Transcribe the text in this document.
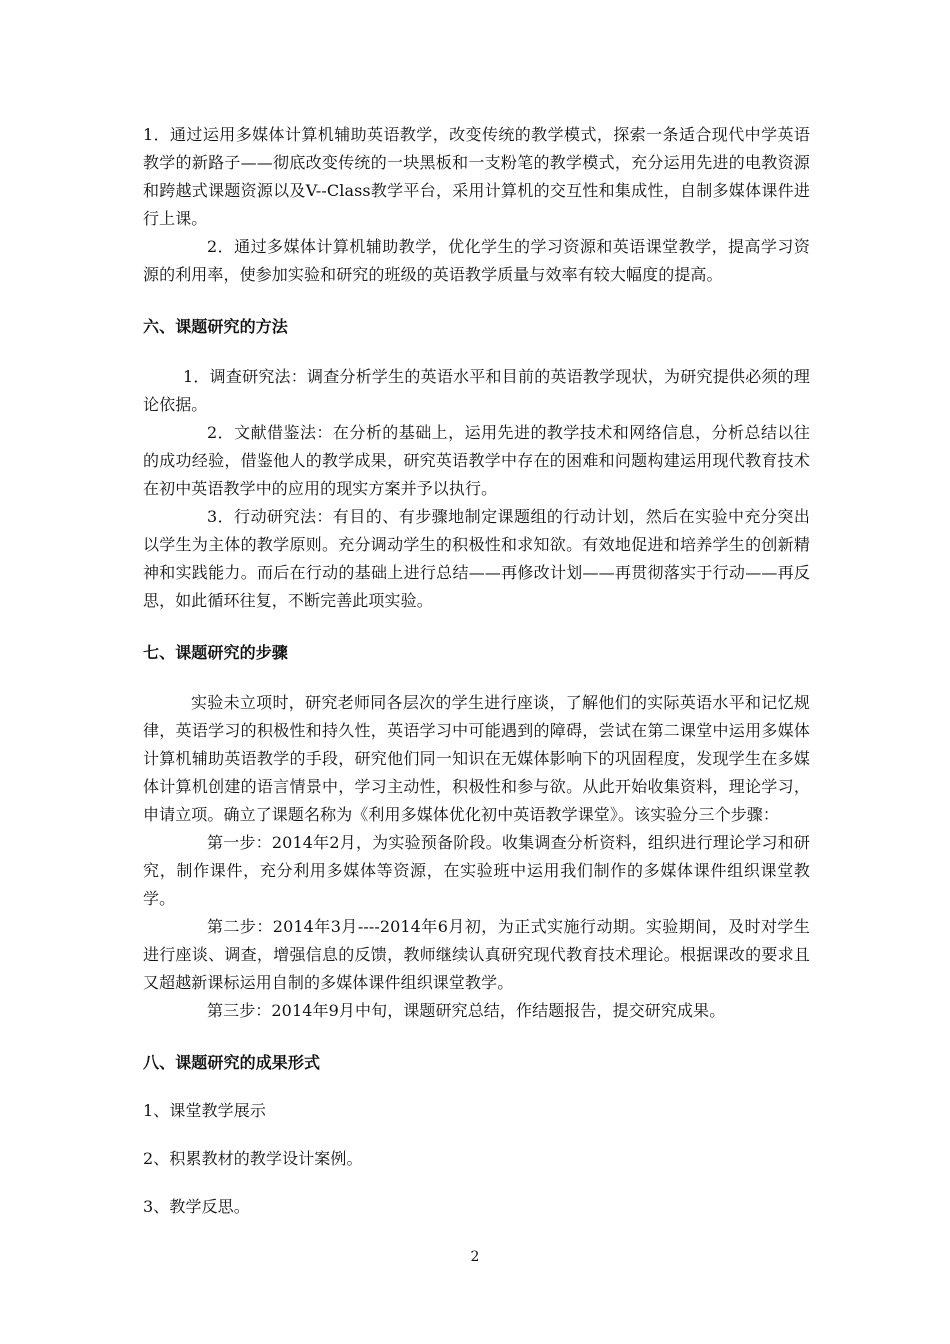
1．通过运用多媒体计算机辅助英语教学，改变传统的教学模式，探索一条适合现代中学英语教学的新路子——彻底改变传统的一块黑板和一支粉笔的教学模式，充分运用先进的电教资源和跨越式课题资源以及V--Class教学平台，采用计算机的交互性和集成性，自制多媒体课件进行上课。

2．通过多媒体计算机辅助教学，优化学生的学习资源和英语课堂教学，提高学习资源的利用率，使参加实验和研究的班级的英语教学质量与效率有较大幅度的提高。

六、课题研究的方法

1．调查研究法：调查分析学生的英语水平和目前的英语教学现状，为研究提供必须的理论依据。

2．文献借鉴法：在分析的基础上，运用先进的教学技术和网络信息，分析总结以往的成功经验，借鉴他人的教学成果，研究英语教学中存在的困难和问题构建运用现代教育技术在初中英语教学中的应用的现实方案并予以执行。

3．行动研究法：有目的、有步骤地制定课题组的行动计划，然后在实验中充分突出以学生为主体的教学原则。充分调动学生的积极性和求知欲。有效地促进和培养学生的创新精神和实践能力。而后在行动的基础上进行总结——再修改计划——再贯彻落实于行动——再反思，如此循环往复，不断完善此项实验。

七、课题研究的步骤

实验未立项时，研究老师同各层次的学生进行座谈，了解他们的实际英语水平和记忆规律，英语学习的积极性和持久性，英语学习中可能遇到的障碍，尝试在第二课堂中运用多媒体计算机辅助英语教学的手段，研究他们同一知识在无媒体影响下的巩固程度，发现学生在多媒体计算机创建的语言情景中，学习主动性，积极性和参与欲。从此开始收集资料，理论学习，申请立项。确立了课题名称为《利用多媒体优化初中英语教学课堂》。该实验分三个步骤：

第一步：2014年2月，为实验预备阶段。收集调查分析资料，组织进行理论学习和研究，制作课件，充分利用多媒体等资源，在实验班中运用我们制作的多媒体课件组织课堂教学。

第二步：2014年3月----2014年6月初，为正式实施行动期。实验期间，及时对学生进行座谈、调查，增强信息的反馈，教师继续认真研究现代教育技术理论。根据课改的要求且又超越新课标运用自制的多媒体课件组织课堂教学。

第三步：2014年9月中旬，课题研究总结，作结题报告，提交研究成果。

八、课题研究的成果形式

1、课堂教学展示

2、积累教材的教学设计案例。

3、教学反思。

2
